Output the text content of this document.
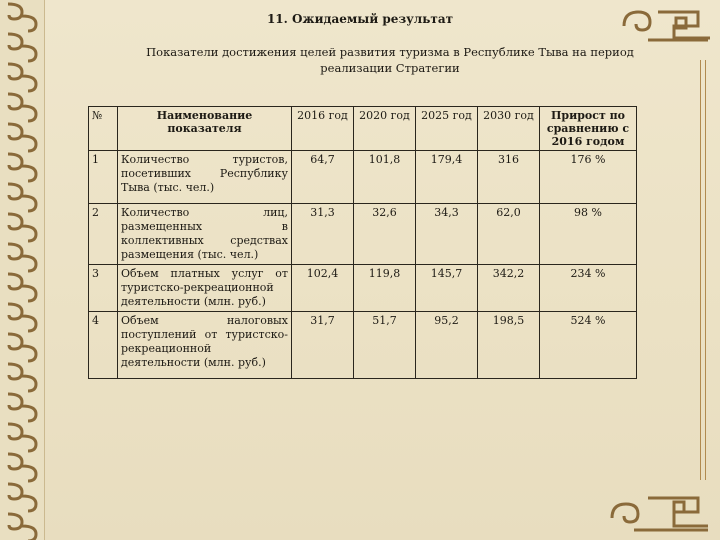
11. Ожидаемый результат
Показатели достижения целей развития туризма в Республике Тыва на период реализации Стратегии
№	Наименование показателя	2016 год	2020 год	2025 год	2030 год	Прирост по сравнению с 2016 годом
1	Количество туристов, посетивших Республику Тыва (тыс. чел.)	64,7	101,8	179,4	316	176 %
2	Количество лиц, размещенных в коллективных средствах размещения (тыс. чел.)	31,3	32,6	34,3	62,0	98 %
3	Объем платных услуг от туристско-рекреационной деятельности (млн. руб.)	102,4	119,8	145,7	342,2	234 %
4	Объем налоговых поступлений от туристско-рекреационной деятельности (млн. руб.)	31,7	51,7	95,2	198,5	524 %
